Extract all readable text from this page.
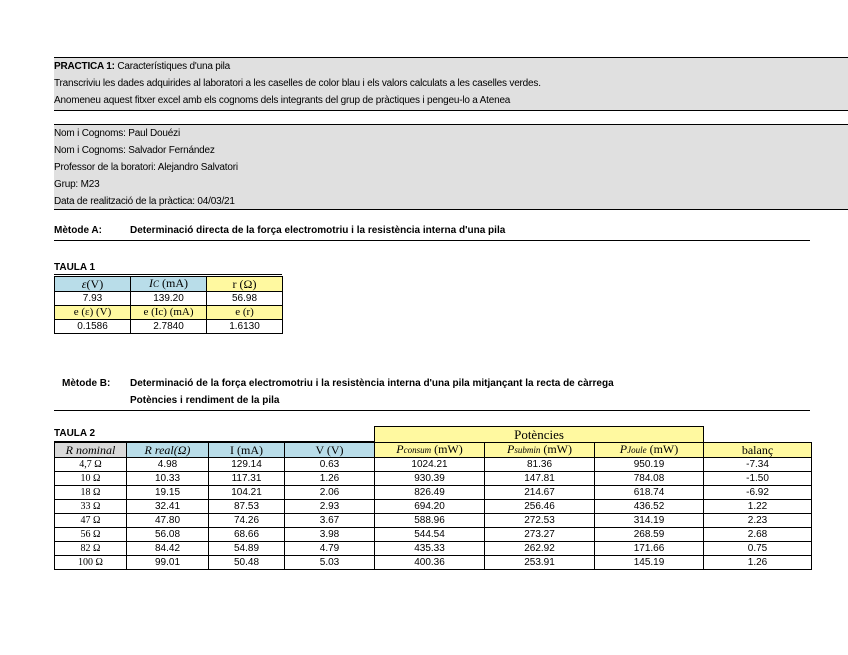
PRACTICA 1: Característiques d'una pila
Transcriviu les dades adquirides al laboratori a les caselles de color blau i els valors calculats a les caselles verdes.
Anomeneu aquest fitxer excel amb els cognoms dels integrants del grup de pràctiques i pengeu-lo a Atenea
Nom i Cognoms: Paul Douézi
Nom i Cognoms: Salvador Fernández
Professor de la boratori: Alejandro Salvatori
Grup: M23
Data de realització de la pràctica: 04/03/21
Mètode A:	Determinació directa de la força electromotriu i la resistència interna d'una pila
TAULA 1
ε(V)	IC (mA)	r (Ω)
7.93	139.20	56.98
e (ε) (V)	e (Ic) (mA)	e (r)
0.1586	2.7840	1.6130
Mètode B: Determinació de la força electromotriu i la resistència interna d'una pila mitjançant la recta de càrrega
Potències i rendiment de la pila
TAULA 2
				Potències			
R nominal	R real(Ω)	I (mA)	V (V)	Pconsum (mW)	Psubmin (mW)	PJoule (mW)	balanç
4,7 Ω	4.98	129.14	0.63	1024.21	81.36	950.19	-7.34
10 Ω	10.33	117.31	1.26	930.39	147.81	784.08	-1.50
18 Ω	19.15	104.21	2.06	826.49	214.67	618.74	-6.92
33 Ω	32.41	87.53	2.93	694.20	256.46	436.52	1.22
47 Ω	47.80	74.26	3.67	588.96	272.53	314.19	2.23
56 Ω	56.08	68.66	3.98	544.54	273.27	268.59	2.68
82 Ω	84.42	54.89	4.79	435.33	262.92	171.66	0.75
100 Ω	99.01	50.48	5.03	400.36	253.91	145.19	1.26
